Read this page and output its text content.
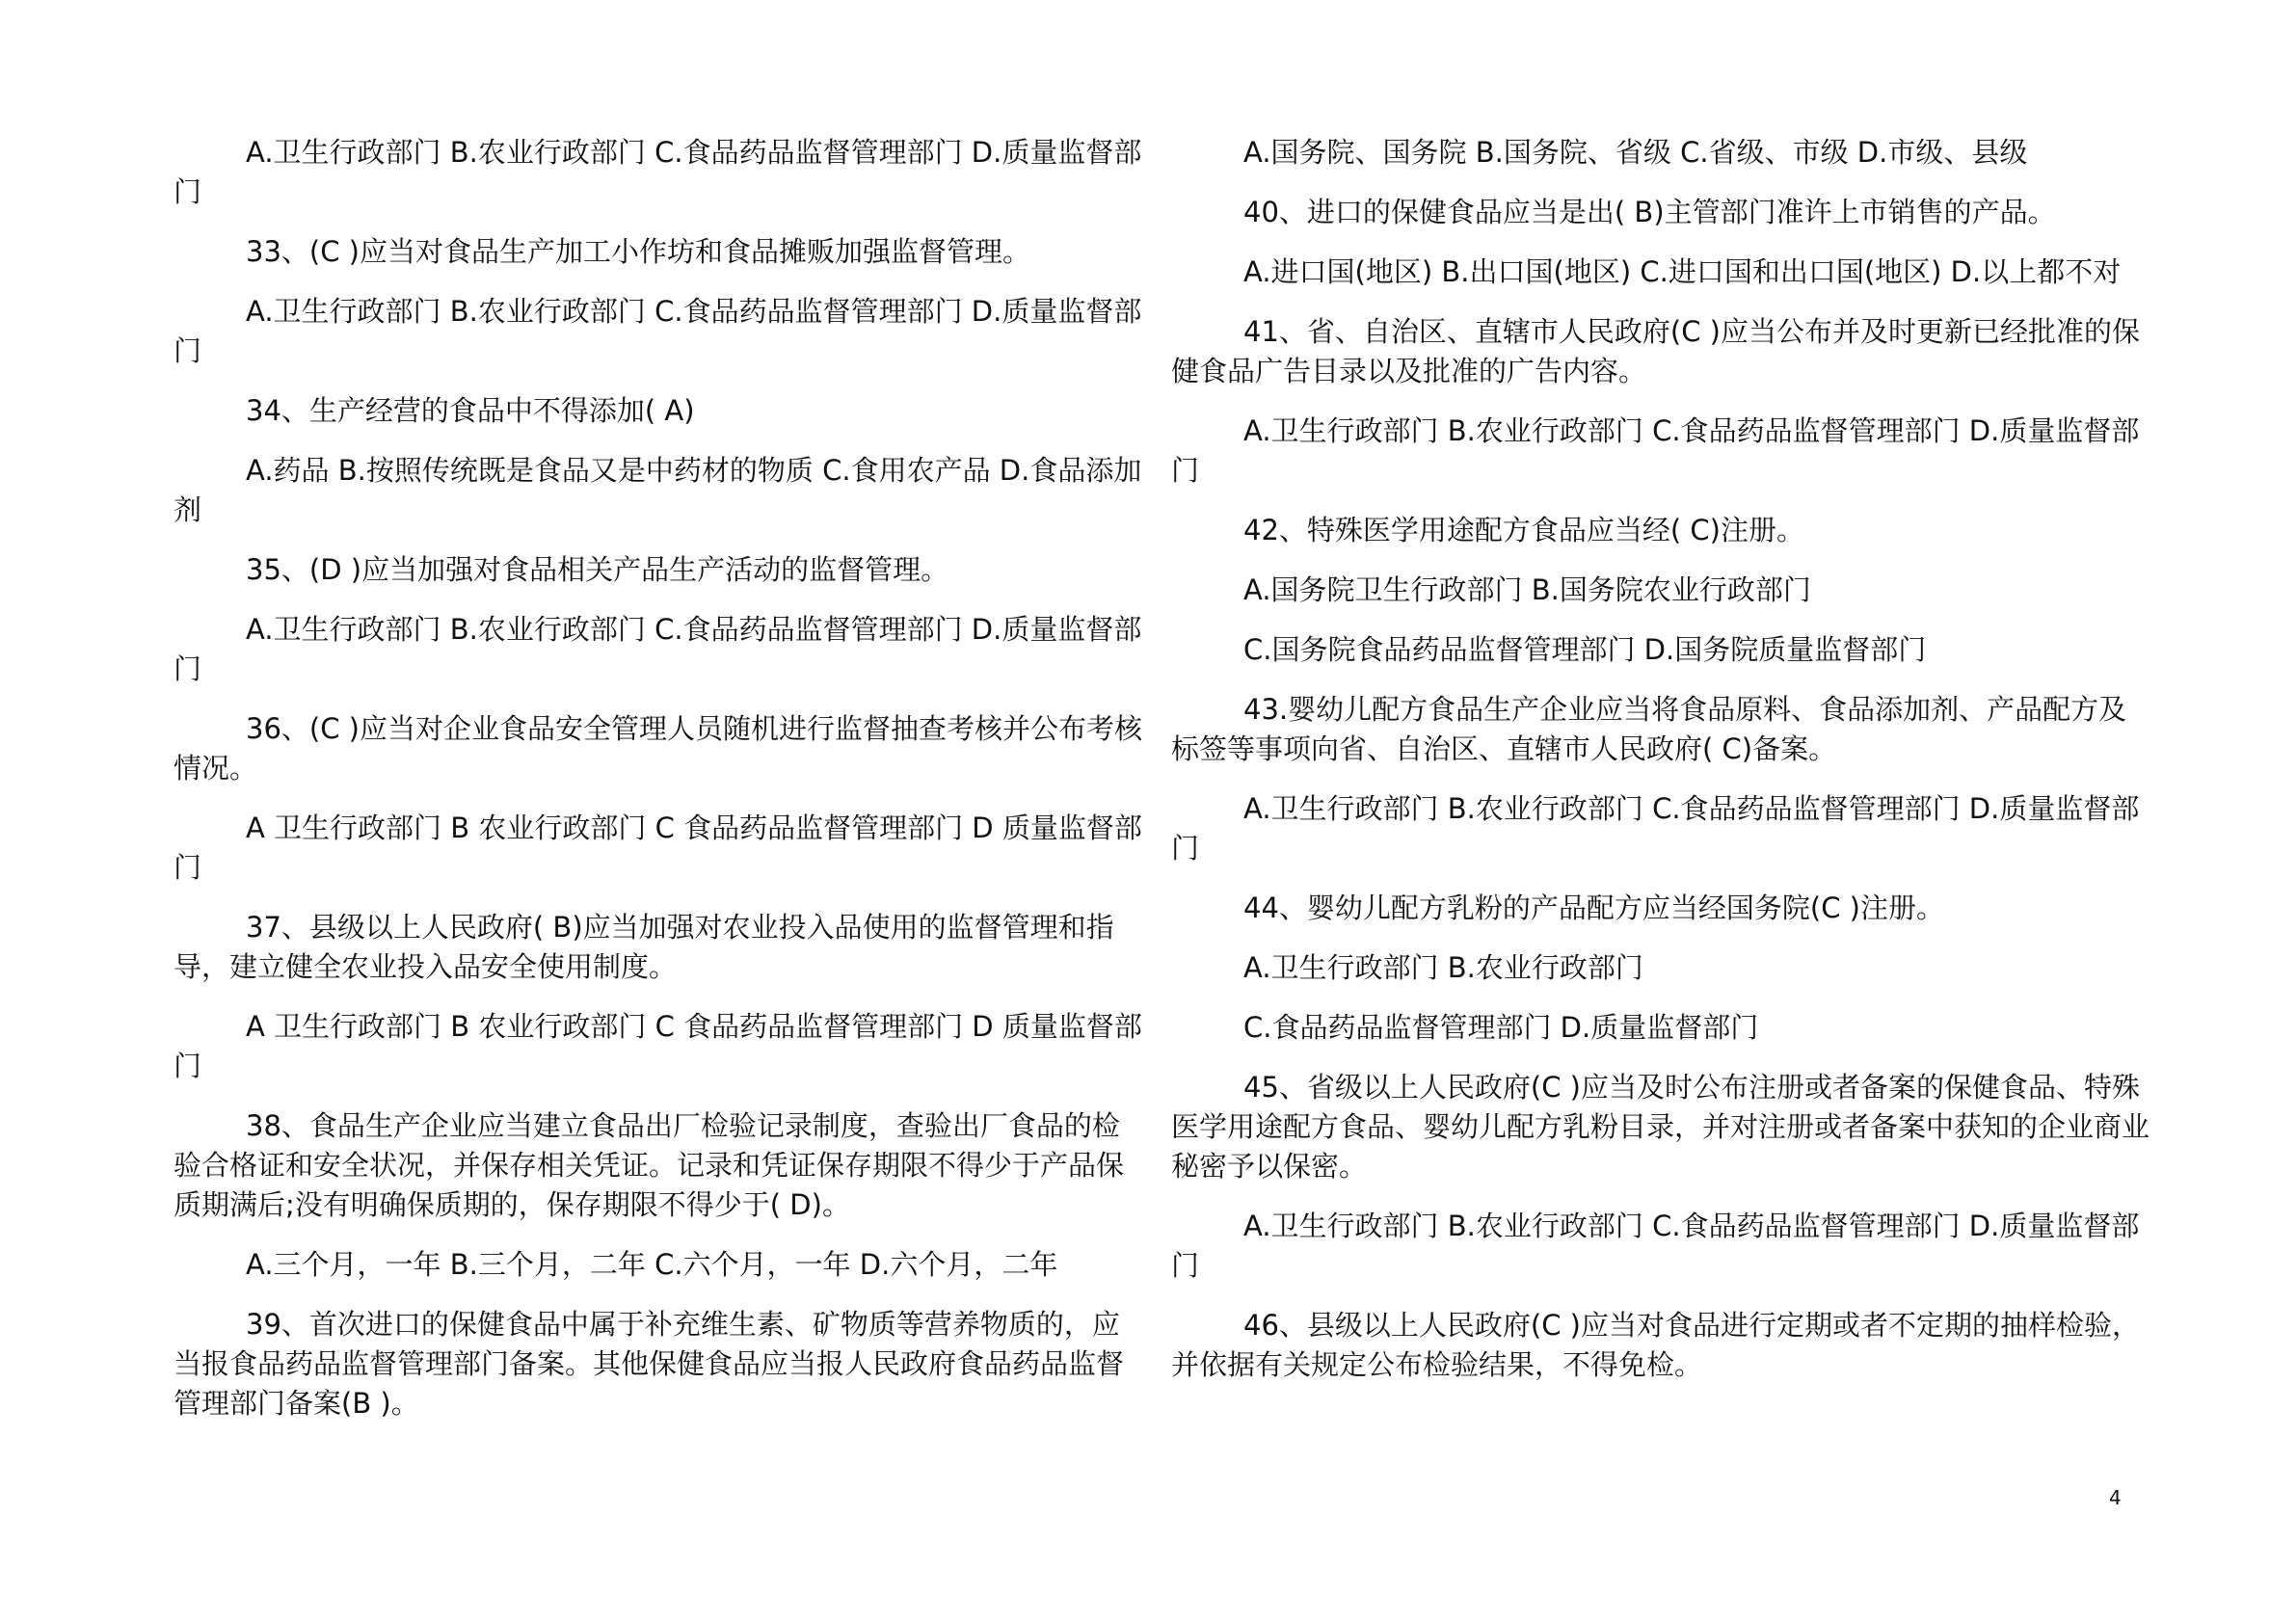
A.卫生行政部门 B.农业行政部门 C.食品药品监督管理部门 D.质量监督部门

33、(C )应当对食品生产加工小作坊和食品摊贩加强监督管理。

A.卫生行政部门 B.农业行政部门 C.食品药品监督管理部门 D.质量监督部门

34、生产经营的食品中不得添加( A)

A.药品 B.按照传统既是食品又是中药材的物质 C.食用农产品 D.食品添加剂

35、(D )应当加强对食品相关产品生产活动的监督管理。

A.卫生行政部门 B.农业行政部门 C.食品药品监督管理部门 D.质量监督部门

36、(C )应当对企业食品安全管理人员随机进行监督抽查考核并公布考核情况。

A 卫生行政部门 B 农业行政部门 C 食品药品监督管理部门 D 质量监督部门

37、县级以上人民政府( B)应当加强对农业投入品使用的监督管理和指导，建立健全农业投入品安全使用制度。

A 卫生行政部门 B 农业行政部门 C 食品药品监督管理部门 D 质量监督部门

38、食品生产企业应当建立食品出厂检验记录制度，查验出厂食品的检验合格证和安全状况，并保存相关凭证。记录和凭证保存期限不得少于产品保质期满后;没有明确保质期的，保存期限不得少于( D)。

A.三个月，一年 B.三个月，二年 C.六个月，一年 D.六个月，二年

39、首次进口的保健食品中属于补充维生素、矿物质等营养物质的，应当报食品药品监督管理部门备案。其他保健食品应当报人民政府食品药品监督管理部门备案(B )。

A.国务院、国务院 B.国务院、省级 C.省级、市级 D.市级、县级

40、进口的保健食品应当是出( B)主管部门准许上市销售的产品。

A.进口国(地区) B.出口国(地区) C.进口国和出口国(地区) D.以上都不对

41、省、自治区、直辖市人民政府(C )应当公布并及时更新已经批准的保健食品广告目录以及批准的广告内容。

A.卫生行政部门 B.农业行政部门 C.食品药品监督管理部门 D.质量监督部门

42、特殊医学用途配方食品应当经( C)注册。

A.国务院卫生行政部门 B.国务院农业行政部门

C.国务院食品药品监督管理部门 D.国务院质量监督部门

43.婴幼儿配方食品生产企业应当将食品原料、食品添加剂、产品配方及标签等事项向省、自治区、直辖市人民政府( C)备案。

A.卫生行政部门 B.农业行政部门 C.食品药品监督管理部门 D.质量监督部门

44、婴幼儿配方乳粉的产品配方应当经国务院(C )注册。

A.卫生行政部门 B.农业行政部门

C.食品药品监督管理部门 D.质量监督部门

45、省级以上人民政府(C )应当及时公布注册或者备案的保健食品、特殊医学用途配方食品、婴幼儿配方乳粉目录，并对注册或者备案中获知的企业商业秘密予以保密。

A.卫生行政部门 B.农业行政部门 C.食品药品监督管理部门 D.质量监督部门

46、县级以上人民政府(C )应当对食品进行定期或者不定期的抽样检验，并依据有关规定公布检验结果，不得免检。

4
